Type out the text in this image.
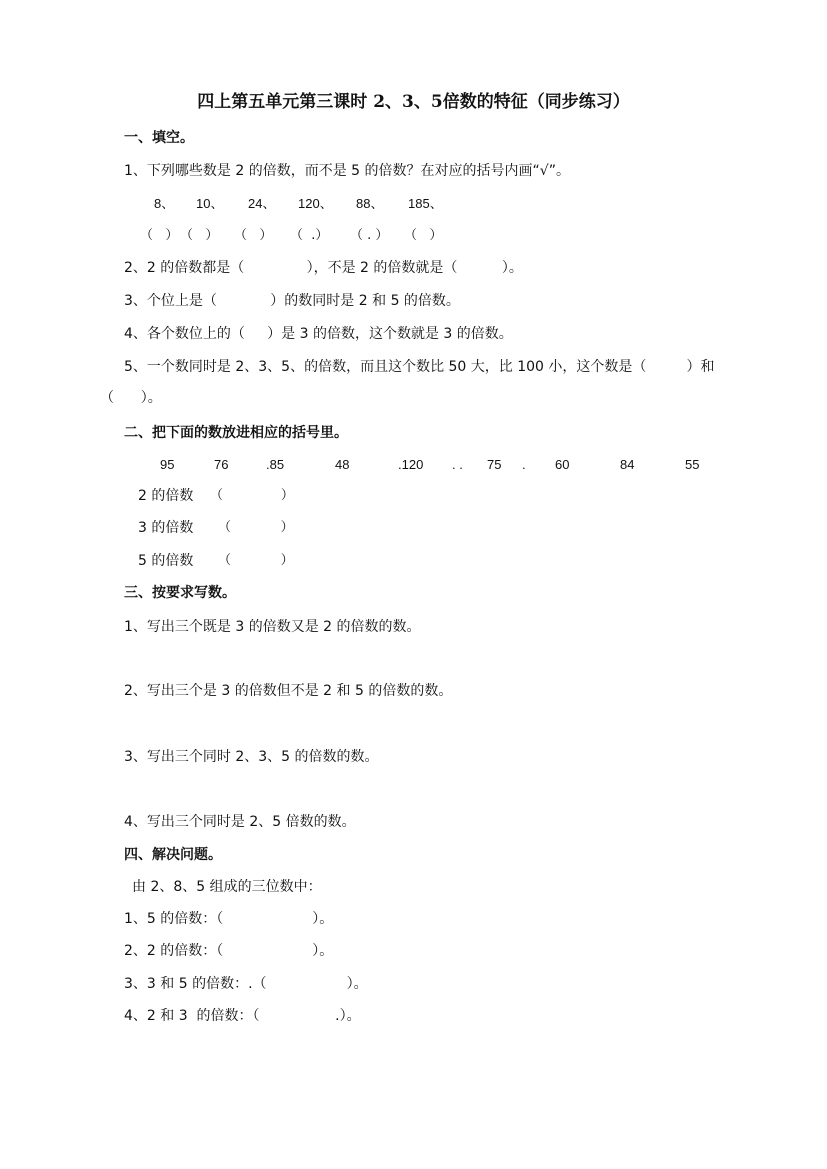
四上第五单元第三课时 2、3、5倍数的特征（同步练习）
一、填空。
1、下列哪些数是 2 的倍数，而不是 5 的倍数？在对应的括号内画“√”。
8、 10、 24、 120、 88、 185、
（   ） （   ） （   ） （  .） （ . ） （   ）
2、2 的倍数都是（              ），不是 2 的倍数就是（          ）。
3、个位上是（            ）的数同时是 2 和 5 的倍数。
4、各个数位上的（     ）是 3 的倍数，这个数就是 3 的倍数。
5、一个数同时是 2、3、5、的倍数，而且这个数比 50 大，比 100 小，这个数是（         ）和
（      ）。
二、把下面的数放进相应的括号里。
95	76	.85	48	.120 . . 75 . 60	84	55
2 的倍数 （              ）
3 的倍数 （            ）
5 的倍数 （            ）
三、按要求写数。
1、写出三个既是 3 的倍数又是 2 的倍数的数。
2、写出三个是 3 的倍数但不是 2 和 5 的倍数的数。
3、写出三个同时 2、3、5 的倍数的数。
4、写出三个同时是 2、5 倍数的数。
四、解决问题。
由 2、8、5 组成的三位数中：
1、5 的倍数：（                    ）。
2、2 的倍数：（                    ）。
3、3 和 5 的倍数：.（                  ）。
4、2 和 3  的倍数：（                 .）。
